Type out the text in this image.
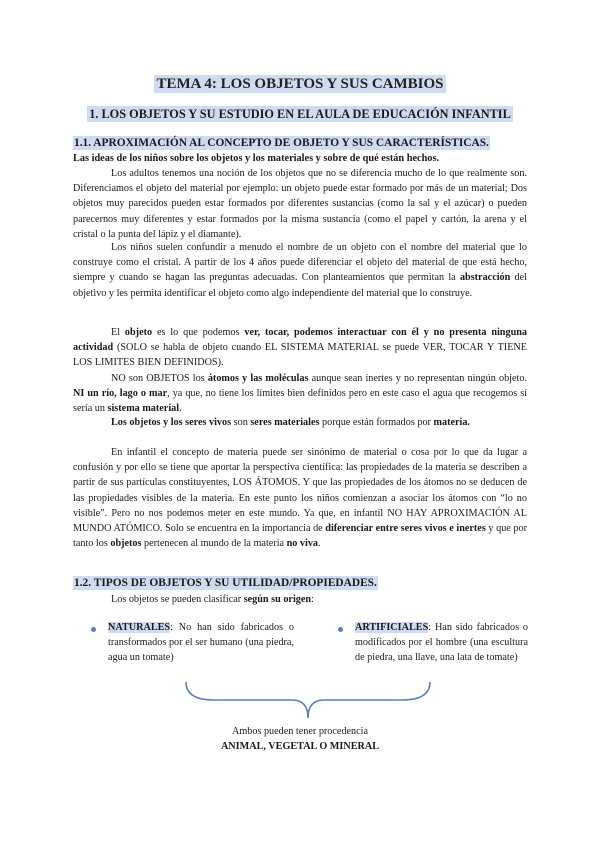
TEMA 4: LOS OBJETOS Y SUS CAMBIOS
1. LOS OBJETOS Y SU ESTUDIO EN EL AULA DE EDUCACIÓN INFANTIL
1.1. APROXIMACIÓN AL CONCEPTO DE OBJETO Y SUS CARACTERÍSTICAS.
Las ideas de los niños sobre los objetos y los materiales y sobre de qué están hechos.
Los adultos tenemos una noción de los objetos que no se diferencia mucho de lo que realmente son. Diferenciamos el objeto del material por ejemplo: un objeto puede estar formado por más de un material; Dos objetos muy parecidos pueden estar formados por diferentes sustancias (como la sal y el azúcar) o pueden parecernos muy diferentes y estar formados por la misma sustancia (como el papel y cartón, la arena y el cristal o la punta del lápiz y el diamante).
Los niños suelen confundir a menudo el nombre de un objeto con el nombre del material que lo construye como el cristal. A partir de los 4 años puede diferenciar el objeto del material de que está hecho, siempre y cuando se hagan las preguntas adecuadas. Con planteamientos que permitan la abstracción del objetivo y les permita identificar el objeto como algo independiente del material que lo construye.
El objeto es lo que podemos ver, tocar, podemos interactuar con él y no presenta ninguna actividad (SOLO se habla de objeto cuando EL SISTEMA MATERIAL se puede VER, TOCAR Y TIENE LOS LIMITES BIEN DEFINIDOS).
NO son OBJETOS los átomos y las moléculas aunque sean inertes y no representan ningún objeto. NI un río, lago o mar, ya que, no tiene los límites bien definidos pero en este caso el agua que recogemos sí sería un sistema material.
Los objetos y los seres vivos son seres materiales porque están formados por materia.
En infantil el concepto de materia puede ser sinónimo de material o cosa por lo que da lugar a confusión y por ello se tiene que aportar la perspectiva científica: las propiedades de la materia se describen a partir de sus partículas constituyentes, LOS ÁTOMOS. Y que las propiedades de los átomos no se deducen de las propiedades visibles de la materia. En este punto los niños comienzan a asociar los átomos con “lo no visible”. Pero no nos podemos meter en este mundo. Ya que, en infantil NO HAY APROXIMACIÓN AL MUNDO ATÓMICO. Solo se encuentra en la importancia de diferenciar entre seres vivos e inertes y que por tanto los objetos pertenecen al mundo de la materia no viva.
1.2. TIPOS DE OBJETOS Y SU UTILIDAD/PROPIEDADES.
Los objetos se pueden clasificar según su origen:
NATURALES: No han sido fabricados o transformados por el ser humano (una piedra, agua un tomate)
ARTIFICIALES: Han sido fabricados o modificados por el hombre (una escultura de piedra, una llave, una lata de tomate)
Ambos pueden tener procedencia
ANIMAL, VEGETAL O MINERAL
